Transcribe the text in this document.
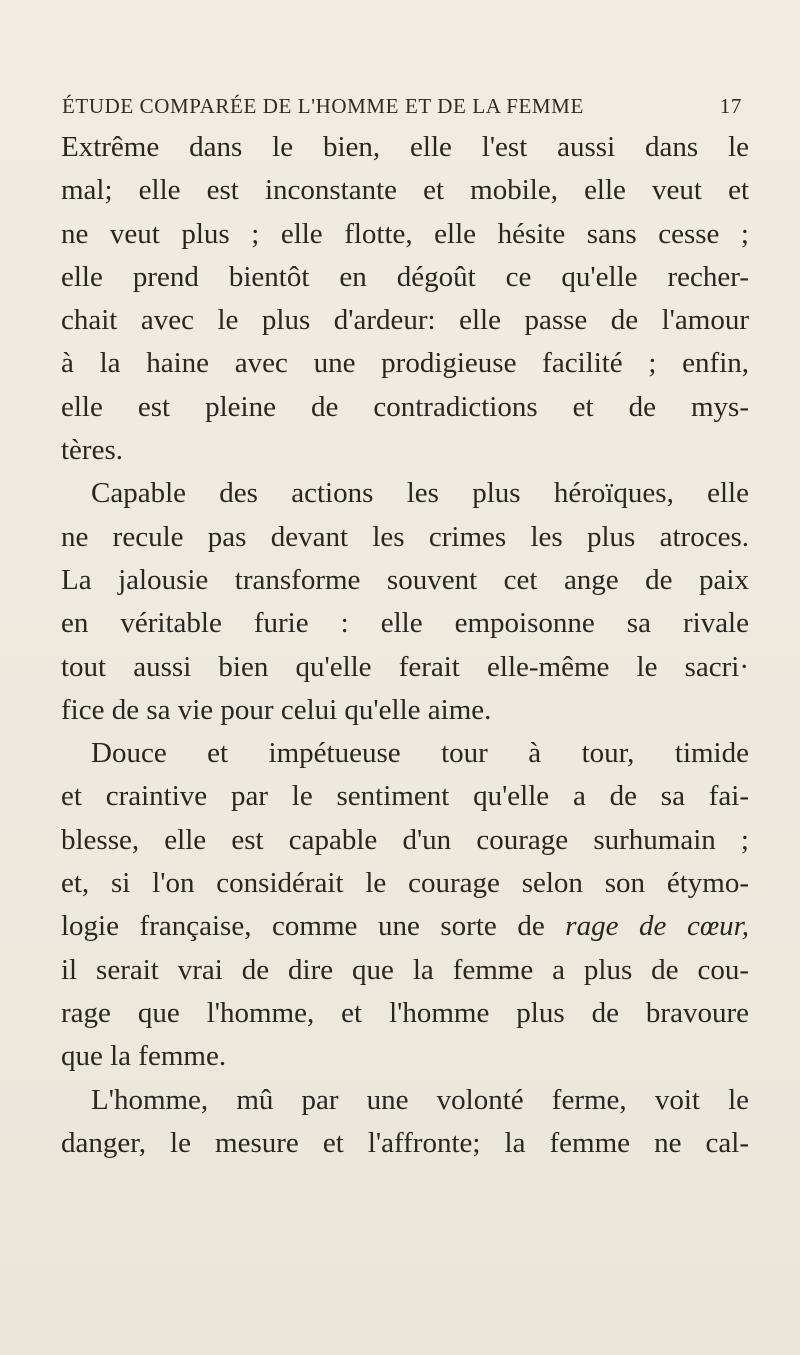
ÉTUDE COMPARÉE DE L'HOMME ET DE LA FEMME	17
Extrême dans le bien, elle l'est aussi dans le
mal; elle est inconstante et mobile, elle veut et
ne veut plus ; elle flotte, elle hésite sans cesse ;
elle prend bientôt en dégoût ce qu'elle recher-
chait avec le plus d'ardeur: elle passe de l'amour
à la haine avec une prodigieuse facilité ; enfin,
elle est pleine de contradictions et de mys-
tères.
Capable des actions les plus héroïques, elle
ne recule pas devant les crimes les plus atroces.
La jalousie transforme souvent cet ange de paix
en véritable furie : elle empoisonne sa rivale
tout aussi bien qu'elle ferait elle-même le sacri·
fice de sa vie pour celui qu'elle aime.
Douce et impétueuse tour à tour, timide
et craintive par le sentiment qu'elle a de sa fai-
blesse, elle est capable d'un courage surhumain ;
et, si l'on considérait le courage selon son étymo-
logie française, comme une sorte de rage de cœur,
il serait vrai de dire que la femme a plus de cou-
rage que l'homme, et l'homme plus de bravoure
que la femme.
L'homme, mû par une volonté ferme, voit le
danger, le mesure et l'affronte; la femme ne cal-
